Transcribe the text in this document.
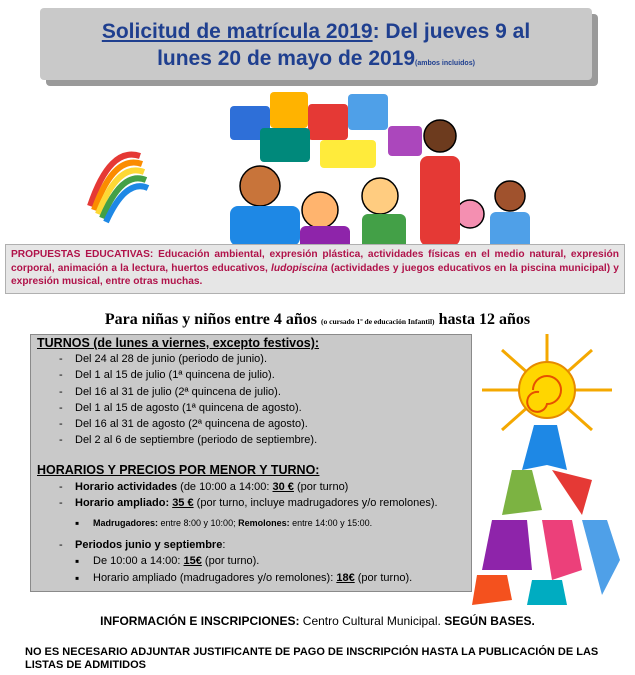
Solicitud de matrícula 2019: Del jueves 9 al
lunes 20 de mayo de 2019(ambos incluidos)
PROPUESTAS EDUCATIVAS: Educación ambiental, expresión plástica, actividades físicas en el medio natural, expresión corporal, animación a la lectura, huertos educativos, ludopiscina (actividades y juegos educativos en la piscina municipal) y expresión musical, entre otras muchas.
Para niñas y niños entre 4 años (o cursado 1º de educación Infantil) hasta 12 años
TURNOS (de lunes a viernes, excepto festivos):
- Del 24 al 28 de junio (periodo de junio).
- Del 1 al 15 de julio (1ª quincena de julio).
- Del 16 al 31 de julio (2ª quincena de julio).
- Del 1 al 15 de agosto (1ª quincena de agosto).
- Del 16 al 31 de agosto (2ª quincena de agosto).
- Del 2 al 6 de septiembre (periodo de septiembre).
HORARIOS Y PRECIOS POR MENOR Y TURNO:
- Horario actividades (de 10:00 a 14:00: 30 € (por turno)
- Horario ampliado: 35 € (por turno, incluye madrugadores y/o remolones).
▪ Madrugadores: entre 8:00 y 10:00; Remolones: entre 14:00 y 15:00.
- Periodos junio y septiembre:
▪ De 10:00 a 14:00: 15€ (por turno).
▪ Horario ampliado (madrugadores y/o remolones): 18€ (por turno).
INFORMACIÓN E INSCRIPCIONES: Centro Cultural Municipal. SEGÚN BASES.
NO ES NECESARIO ADJUNTAR JUSTIFICANTE DE PAGO DE INSCRIPCIÓN HASTA LA PUBLICACIÓN DE LAS LISTAS DE ADMITIDOS
